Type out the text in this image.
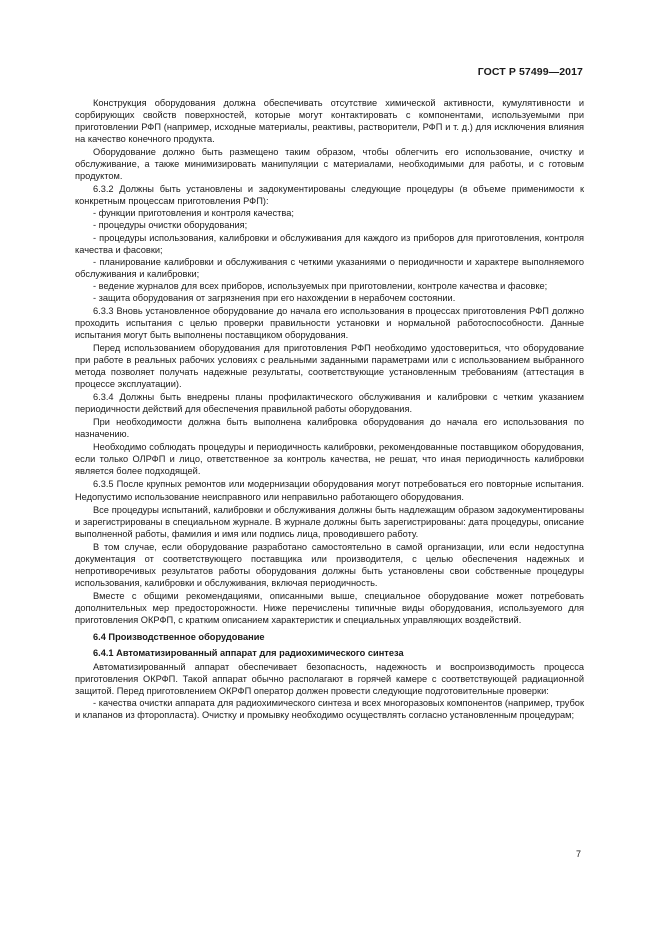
ГОСТ Р 57499—2017

Конструкция оборудования должна обеспечивать отсутствие химической активности, кумулятивности и сорбирующих свойств поверхностей, которые могут контактировать с компонентами, используемыми при приготовлении РФП (например, исходные материалы, реактивы, растворители, РФП и т. д.) для исключения влияния на качество конечного продукта.

Оборудование должно быть размещено таким образом, чтобы облегчить его использование, очистку и обслуживание, а также минимизировать манипуляции с материалами, необходимыми для работы, и с готовым продуктом.

6.3.2 Должны быть установлены и задокументированы следующие процедуры (в объеме применимости к конкретным процессам приготовления РФП):

- функции приготовления и контроля качества;

- процедуры очистки оборудования;

- процедуры использования, калибровки и обслуживания для каждого из приборов для приготовления, контроля качества и фасовки;

- планирование калибровки и обслуживания с четкими указаниями о периодичности и характере выполняемого обслуживания и калибровки;

- ведение журналов для всех приборов, используемых при приготовлении, контроле качества и фасовке;

- защита оборудования от загрязнения при его нахождении в нерабочем состоянии.

6.3.3 Вновь установленное оборудование до начала его использования в процессах приготовления РФП должно проходить испытания с целью проверки правильности установки и нормальной работоспособности. Данные испытания могут быть выполнены поставщиком оборудования.

Перед использованием оборудования для приготовления РФП необходимо удостовериться, что оборудование при работе в реальных рабочих условиях с реальными заданными параметрами или с использованием выбранного метода позволяет получать надежные результаты, соответствующие установленным требованиям (аттестация в процессе эксплуатации).

6.3.4 Должны быть внедрены планы профилактического обслуживания и калибровки с четким указанием периодичности действий для обеспечения правильной работы оборудования.

При необходимости должна быть выполнена калибровка оборудования до начала его использования по назначению.

Необходимо соблюдать процедуры и периодичность калибровки, рекомендованные поставщиком оборудования, если только ОЛРФП и лицо, ответственное за контроль качества, не решат, что иная периодичность калибровки является более подходящей.

6.3.5 После крупных ремонтов или модернизации оборудования могут потребоваться его повторные испытания. Недопустимо использование неисправного или неправильно работающего оборудования.

Все процедуры испытаний, калибровки и обслуживания должны быть надлежащим образом задокументированы и зарегистрированы в специальном журнале. В журнале должны быть зарегистрированы: дата процедуры, описание выполненной работы, фамилия и имя или подпись лица, проводившего работу.

В том случае, если оборудование разработано самостоятельно в самой организации, или если недоступна документация от соответствующего поставщика или производителя, с целью обеспечения надежных и непротиворечивых результатов работы оборудования должны быть установлены свои собственные процедуры использования, калибровки и обслуживания, включая периодичность.

Вместе с общими рекомендациями, описанными выше, специальное оборудование может потребовать дополнительных мер предосторожности. Ниже перечислены типичные виды оборудования, используемого для приготовления ОКРФП, с кратким описанием характеристик и специальных управляющих воздействий.

6.4 Производственное оборудование

6.4.1 Автоматизированный аппарат для радиохимического синтеза

Автоматизированный аппарат обеспечивает безопасность, надежность и воспроизводимость процесса приготовления ОКРФП. Такой аппарат обычно располагают в горячей камере с соответствующей радиационной защитой. Перед приготовлением ОКРФП оператор должен провести следующие подготовительные проверки:

- качества очистки аппарата для радиохимического синтеза и всех многоразовых компонентов (например, трубок и клапанов из фторопласта). Очистку и промывку необходимо осуществлять согласно установленным процедурам;

7
